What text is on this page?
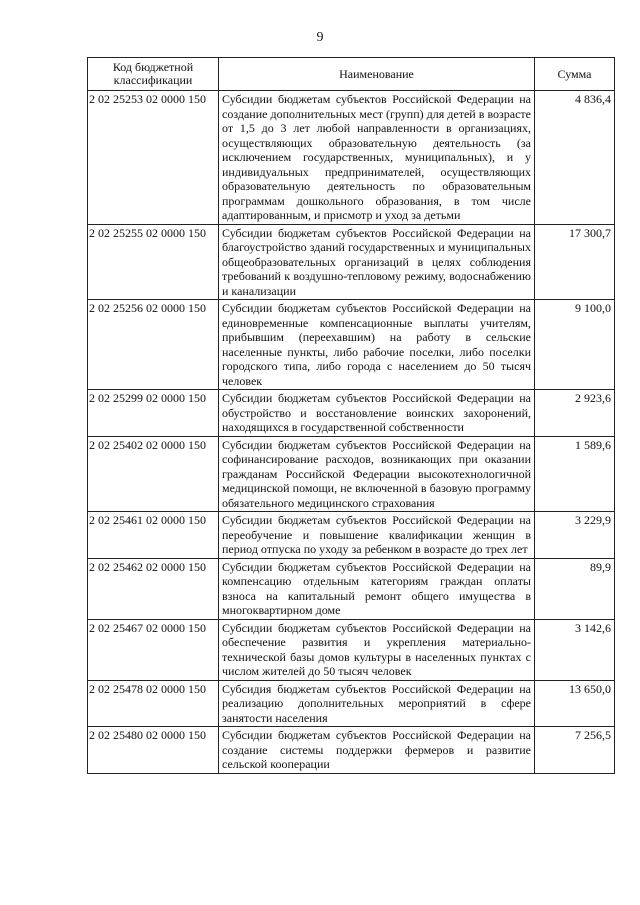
9
Код бюджетной классификации	Наименование	Сумма
2 02 25253 02 0000 150	Субсидии бюджетам субъектов Российской Федерации на создание дополнительных мест (групп) для детей в возрасте от 1,5 до 3 лет любой направленности в организациях, осуществляющих образовательную деятельность (за исключением государственных, муниципальных), и у индивидуальных предпринимателей, осуществляющих образовательную деятельность по образовательным программам дошкольного образования, в том числе адаптированным, и присмотр и уход за детьми	4 836,4
2 02 25255 02 0000 150	Субсидии бюджетам субъектов Российской Федерации на благоустройство зданий государственных и муниципальных общеобразовательных организаций в целях соблюдения требований к воздушно-тепловому режиму, водоснабжению и канализации	17 300,7
2 02 25256 02 0000 150	Субсидии бюджетам субъектов Российской Федерации на единовременные компенсационные выплаты учителям, прибывшим (переехавшим) на работу в сельские населенные пункты, либо рабочие поселки, либо поселки городского типа, либо города с населением до 50 тысяч человек	9 100,0
2 02 25299 02 0000 150	Субсидии бюджетам субъектов Российской Федерации на обустройство и восстановление воинских захоронений, находящихся в государственной собственности	2 923,6
2 02 25402 02 0000 150	Субсидии бюджетам субъектов Российской Федерации на софинансирование расходов, возникающих при оказании гражданам Российской Федерации высокотехнологичной медицинской помощи, не включенной в базовую программу обязательного медицинского страхования	1 589,6
2 02 25461 02 0000 150	Субсидии бюджетам субъектов Российской Федерации на переобучение и повышение квалификации женщин в период отпуска по уходу за ребенком в возрасте до трех лет	3 229,9
2 02 25462 02 0000 150	Субсидии бюджетам субъектов Российской Федерации на компенсацию отдельным категориям граждан оплаты взноса на капитальный ремонт общего имущества в многоквартирном доме	89,9
2 02 25467 02 0000 150	Субсидии бюджетам субъектов Российской Федерации на обеспечение развития и укрепления материально-технической базы домов культуры в населенных пунктах с числом жителей до 50 тысяч человек	3 142,6
2 02 25478 02 0000 150	Субсидия бюджетам субъектов Российской Федерации на реализацию дополнительных мероприятий в сфере занятости населения	13 650,0
2 02 25480 02 0000 150	Субсидии бюджетам субъектов Российской Федерации на создание системы поддержки фермеров и развитие сельской кооперации	7 256,5
